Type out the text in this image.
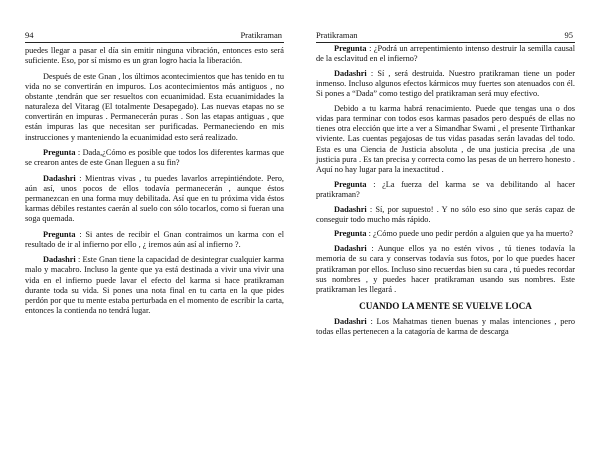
94	Pratikraman

puedes llegar a pasar el día sin emitir ninguna vibración, entonces esto será suficiente. Eso, por sí mismo es un gran logro hacia la liberación.

Después de este Gnan , los últimos acontecimientos que has tenido en tu vida no se convertirán en impuros. Los acontecimientos más antiguos , no obstante ,tendrán que ser resueltos con ecuanimidad. Esta ecuanimidades la naturaleza del Vitarag (El totalmente Desapegado). Las nuevas etapas no se convertirán en impuras . Permanecerán puras . Son las etapas antiguas , que están impuras las que necesitan ser purificadas. Permaneciendo en mis instrucciones y manteniendo la ecuanimidad esto será realizado.

Pregunta : Dada,¿Cómo es posible que todos los diferentes karmas que se crearon antes de este Gnan lleguen a su fin?

Dadashri : Mientras vivas , tu puedes lavarlos arrepintiéndote. Pero, aún así, unos pocos de ellos todavía permanecerán , aunque éstos permanezcan en una forma muy debilitada. Así que en tu próxima vida éstos karmas débiles restantes caerán al suelo con sólo tocarlos, como si fueran una soga quemada.

Pregunta : Si antes de recibir el Gnan contraimos un karma con el resultado de ir al infierno por ello , ¿ iremos aún así al infierno ?.

Dadashri : Este Gnan tiene la capacidad de desintegrar cualquier karma malo y macabro. Incluso la gente que ya está destinada a vivir una vivir una vida en el infierno puede lavar el efecto del karma si hace pratikraman durante toda su vida. Si pones una nota final en tu carta en la que pides perdón por que tu mente estaba perturbada en el momento de escribir la carta, entonces la contienda no tendrá lugar.

Pratikraman	95

Pregunta : ¿Podrá un arrepentimiento intenso destruir la semilla causal de la esclavitud en el infierno?

Dadashri : Sí , será destruida. Nuestro pratikraman tiene un poder inmenso. Incluso algunos efectos kármicos muy fuertes son atenuados con él. Si pones a “Dada” como testigo del pratikraman será muy efectivo.

Debido a tu karma habrá renacimiento. Puede que tengas una o dos vidas para terminar con todos esos karmas pasados pero después de ellas no tienes otra elección que irte a ver a Simandhar Swami , el presente Tirthankar viviente. Las cuentas pegajosas de tus vidas pasadas serán lavadas del todo. Esta es una Ciencia de Justicia absoluta , de una justicia precisa ,de una justicia pura . Es tan precisa y correcta como las pesas de un herrero honesto . Aquí no hay lugar para la inexactitud .

Pregunta : ¿La fuerza del karma se va debilitando al hacer pratikraman?

Dadashri : Sí, por supuesto! . Y no sólo eso sino que serás capaz de conseguir todo mucho más rápido.

Pregunta : ¿Cómo puede uno pedir perdón a alguien que ya ha muerto?

Dadashri : Aunque ellos ya no estén vivos , tú tienes todavía la memoria de su cara y conservas todavía sus fotos, por lo que puedes hacer pratikraman por ellos. Incluso sino recuerdas bien su cara , tú puedes recordar sus nombres , y puedes hacer pratikraman usando sus nombres. Este pratikraman les llegará .

CUANDO LA MENTE SE VUELVE LOCA

Dadashri : Los Mahatmas tienen buenas y malas intenciones , pero todas ellas pertenecen a la catagoría de karma de descarga
